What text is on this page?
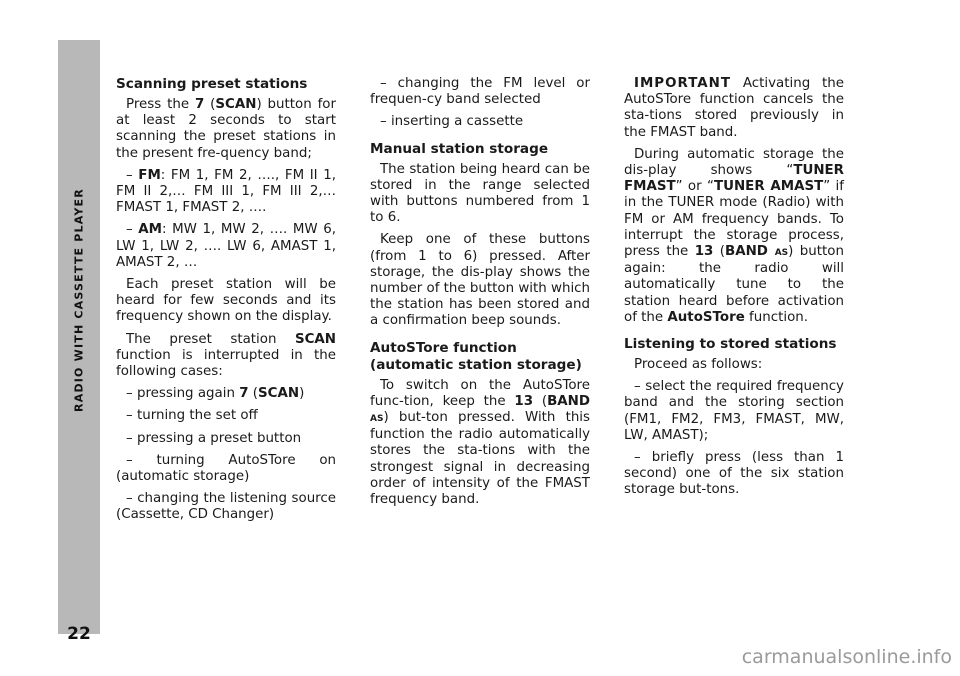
RADIO WITH CASSETTE PLAYER
22
Scanning preset stations

Press the 7 (SCAN) button for at least 2 seconds to start scanning the preset stations in the present fre-quency band;

– FM: FM 1, FM 2, …., FM II 1, FM II 2,… FM III 1, FM III 2,… FMAST 1, FMAST 2, ….

– AM: MW 1, MW 2, …. MW 6, LW 1, LW 2, …. LW 6, AMAST 1, AMAST 2, …

Each preset station will be heard for few seconds and its frequency shown on the display.

The preset station SCAN function is interrupted in the following cases:

– pressing again 7 (SCAN)

– turning the set off

– pressing a preset button

– turning AutoSTore on (automatic storage)

– changing the listening source (Cassette, CD Changer)

– changing the FM level or frequen-cy band selected

– inserting a cassette

Manual station storage

The station being heard can be stored in the range selected with buttons numbered from 1 to 6.

Keep one of these buttons (from 1 to 6) pressed. After storage, the dis-play shows the number of the button with which the station has been stored and a confirmation beep sounds.

AutoSTore function
(automatic station storage)

To switch on the AutoSTore func-tion, keep the 13 (BAND AS) but-ton pressed. With this function the radio automatically stores the sta-tions with the strongest signal in decreasing order of intensity of the FMAST frequency band.

IMPORTANT Activating the AutoSTore function cancels the sta-tions stored previously in the FMAST band.

During automatic storage the dis-play shows “TUNER FMAST” or “TUNER AMAST” if in the TUNER mode (Radio) with FM or AM frequency bands. To interrupt the storage process, press the 13 (BAND AS) button again: the radio will automatically tune to the station heard before activation of the AutoSTore function.

Listening to stored stations

Proceed as follows:

– select the required frequency band and the storing section (FM1, FM2, FM3, FMAST, MW, LW, AMAST);

– briefly press (less than 1 second) one of the six station storage but-tons.

carmanualsonline.info
